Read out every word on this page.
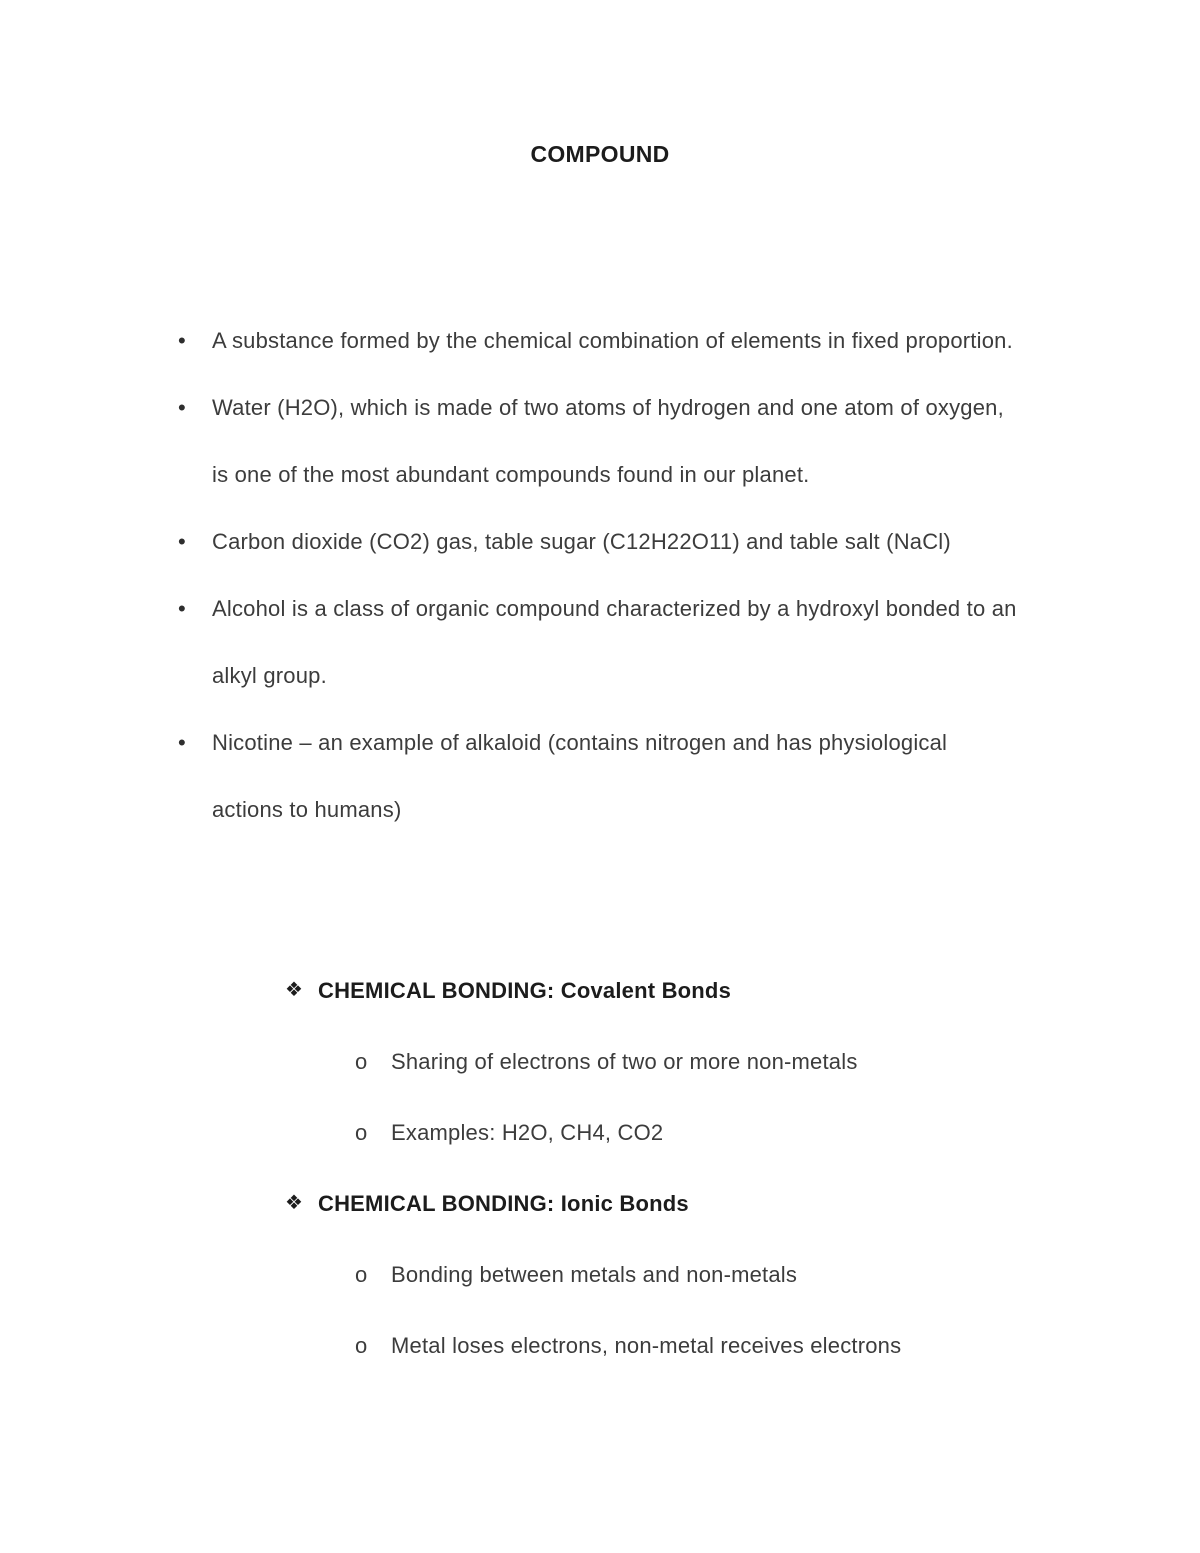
COMPOUND
•	A substance formed by the chemical combination of elements in fixed proportion.
•	Water (H2O), which is made of two atoms of hydrogen and one atom of oxygen,
is one of the most abundant compounds found in our planet.
•	Carbon dioxide (CO2) gas, table sugar (C12H22O11) and table salt (NaCl)
•	Alcohol is a class of organic compound characterized by a hydroxyl bonded to an
alkyl group.
•	Nicotine – an example of alkaloid (contains nitrogen and has physiological
actions to humans)
❖ CHEMICAL BONDING: Covalent Bonds
o	Sharing of electrons of two or more non-metals
o	Examples: H2O, CH4, CO2
❖ CHEMICAL BONDING: Ionic Bonds
o	Bonding between metals and non-metals
o	Metal loses electrons, non-metal receives electrons
